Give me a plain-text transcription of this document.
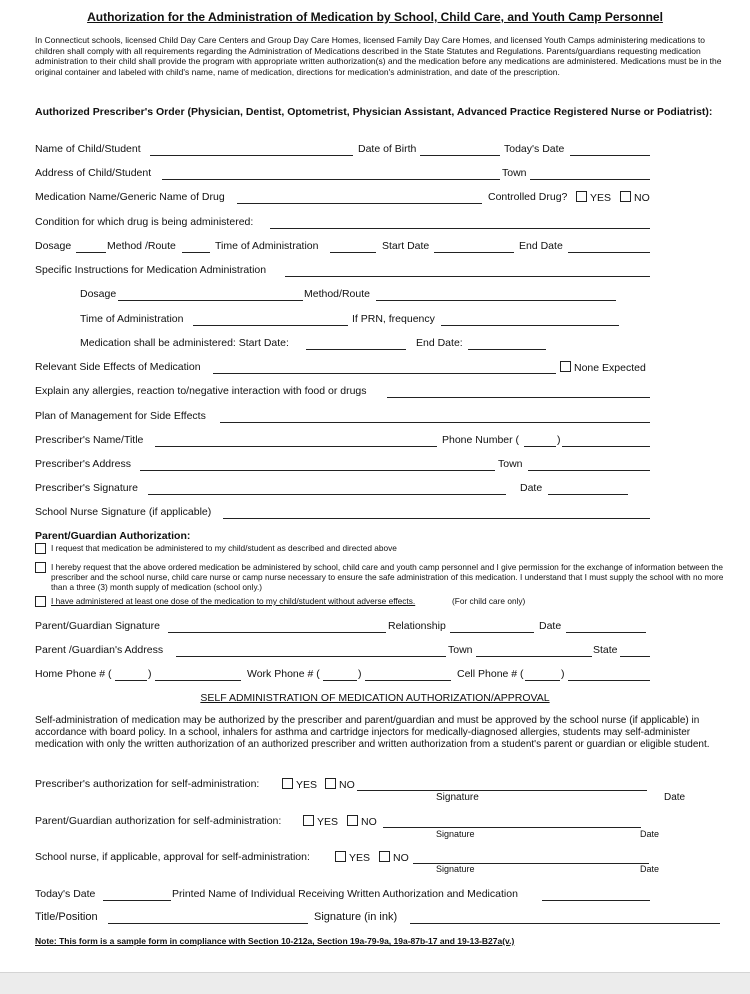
Authorization for the Administration of Medication by School, Child Care, and Youth Camp Personnel
In Connecticut schools, licensed Child Day Care Centers and Group Day Care Homes, licensed Family Day Care Homes, and licensed Youth Camps administering medications to children shall comply with all requirements regarding the Administration of Medications described in the State Statutes and Regulations. Parents/guardians requesting medication administration to their child shall provide the program with appropriate written authorization(s) and the medication before any medications are administered. Medications must be in the original container and labeled with child's name, name of medication, directions for medication's administration, and date of the prescription.
Authorized Prescriber's Order (Physician, Dentist, Optometrist, Physician Assistant, Advanced Practice Registered Nurse or Podiatrist):
Name of Child/Student	Date of Birth	Today's Date
Address of Child/Student	Town
Medication Name/Generic Name of Drug	Controlled Drug?	YES	NO
Condition for which drug is being administered:
Dosage	Method /Route	Time of Administration	Start Date	End Date
Specific Instructions for Medication Administration
Dosage	Method/Route
Time of Administration	If PRN, frequency
Medication shall be administered: Start Date:	End Date:
Relevant Side Effects of Medication	None Expected
Explain any allergies, reaction to/negative interaction with food or drugs
Plan of Management for Side Effects
Prescriber's Name/Title	Phone Number (	)
Prescriber's Address	Town
Prescriber's Signature	Date
School Nurse Signature (if applicable)
Parent/Guardian Authorization:
I request that medication be administered to my child/student as described and directed above
I hereby request that the above ordered medication be administered by school, child care and youth camp personnel and I give permission for the exchange of information between the prescriber and the school nurse, child care nurse or camp nurse necessary to ensure the safe administration of this medication. I understand that I must supply the school with no more than a three (3) month supply of medication (school only.)
I have administered at least one dose of the medication to my child/student without adverse effects.	(For child care only)
Parent/Guardian Signature	Relationship	Date
Parent /Guardian's Address	Town	State
Home Phone # (	)	Work Phone # (	)	Cell Phone # (	)
SELF ADMINISTRATION OF MEDICATION AUTHORIZATION/APPROVAL
Self-administration of medication may be authorized by the prescriber and parent/guardian and must be approved by the school nurse (if applicable) in accordance with board policy. In a school, inhalers for asthma and cartridge injectors for medically-diagnosed allergies, students may self-administer medication with only the written authorization of an authorized prescriber and written authorization from a student's parent or guardian or eligible student.
Prescriber's authorization for self-administration:	YES	NO
Signature	Date
Parent/Guardian authorization for self-administration:	YES	NO
Signature	Date
School nurse, if applicable, approval for self-administration:	YES	NO
Signature	Date
Today's Date	Printed Name of Individual Receiving Written Authorization and Medication
Title/Position	Signature (in ink)
Note: This form is a sample form in compliance with Section 10-212a, Section 19a-79-9a, 19a-87b-17 and 19-13-B27a(v.)
